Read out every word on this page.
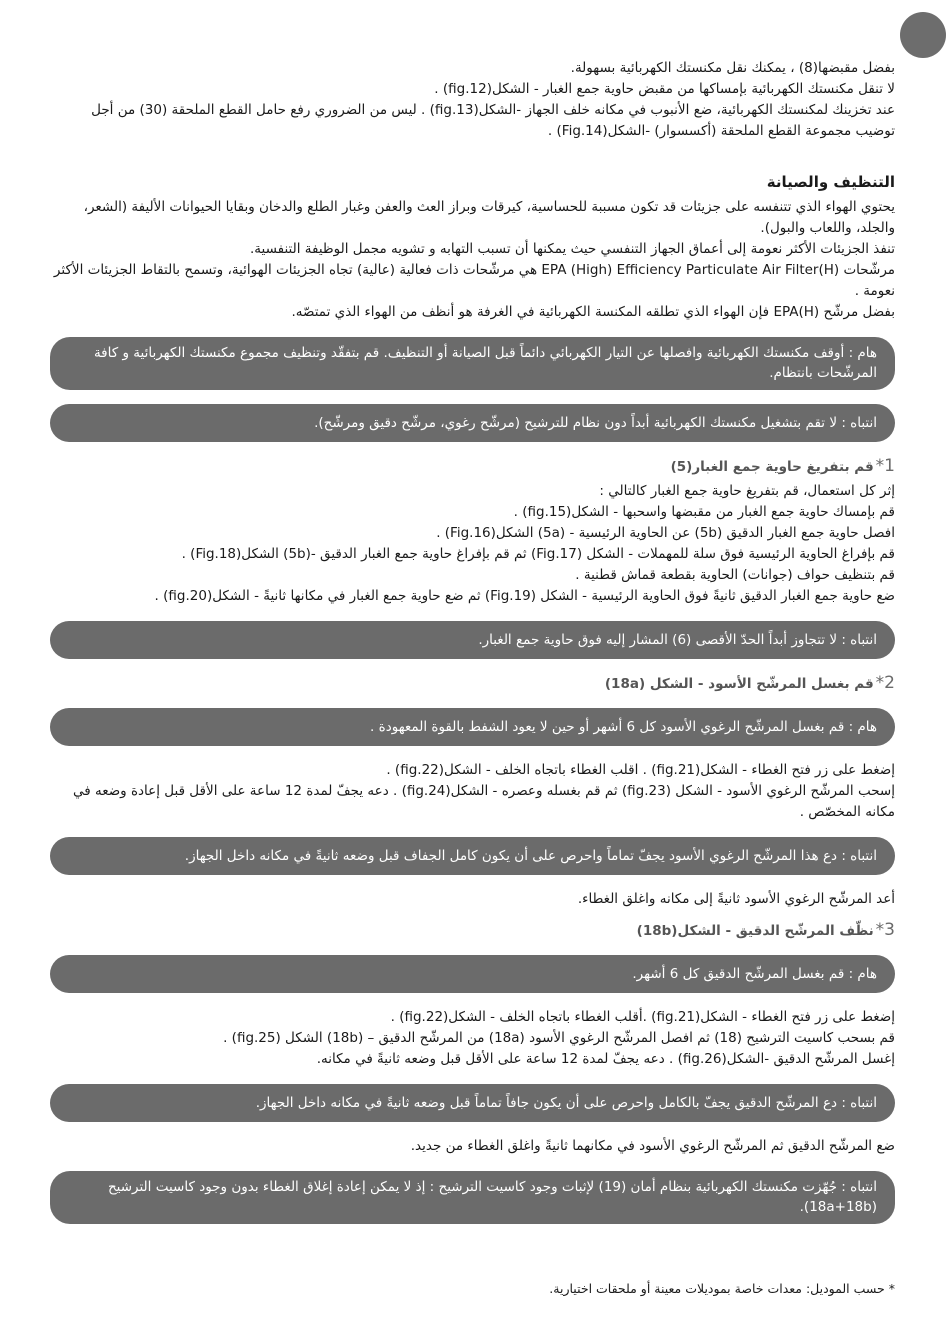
بفضل مقبضها(8) ، يمكنك نقل مكنستك الكهربائية بسهولة.

لا تنقل مكنستك الكهربائية بإمساكها من مقبض حاوية جمع الغبار - الشكل(fig.12) .

عند تخزينك لمكنستك الكهربائية، ضع الأنبوب في مكانه خلف الجهاز -الشكل(fig.13) . ليس من الضروري رفع حامل القطع الملحقة (30) من أجل توضيب مجموعة القطع الملحقة (أكسسوار) -الشكل(Fig.14) .

التنظيف والصيانة

يحتوي الهواء الذي تتنفسه على جزيئات قد تكون مسببة للحساسية، كيرقات وبراز العث والعفن وغبار الطلع والدخان وبقايا الحيوانات الأليفة (الشعر، والجلد، واللعاب والبول).

تنفذ الجزيئات الأكثر نعومة إلى أعماق الجهاز التنفسي حيث يمكنها أن تسبب التهابه و تشويه مجمل الوظيفة التنفسية.

مرشّحات (H)EPA (High) Efficiency Particulate Air Filter هي مرشّحات ذات فعالية (عالية) تجاه الجزيئات الهوائية، وتسمح بالتقاط الجزيئات الأكثر نعومة .

بفضل مرشّح (H)EPA فإن الهواء الذي تطلقه المكنسة الكهربائية في الغرفة هو أنظف من الهواء الذي تمتصّه.

هام : أوقف مكنستك الكهربائية وافصلها عن التيار الكهربائي دائماً قبل الصيانة أو التنظيف. قم بتفقّد وتنظيف مجموع مكنستك الكهربائية و كافة المرشّحات بانتظام.
انتباه : لا تقم بتشغيل مكنستك الكهربائية أبداً دون نظام للترشيح (مرشّح رغوي، مرشّح دقيق ومرشّح).
1*قم بتفريغ حاوية جمع الغبار(5)

إثر كل استعمال، قم بتفريغ حاوية جمع الغبار كالتالي :

قم بإمساك حاوية جمع الغبار من مقبضها واسحبها - الشكل(fig.15) .

افصل حاوية جمع الغبار الدقيق (5b) عن الحاوية الرئيسية - (5a) الشكل(Fig.16) .

قم بإفراغ الحاوية الرئيسية فوق سلة للمهملات - الشكل (Fig.17) ثم قم بإفراغ حاوية جمع الغبار الدقيق -(5b) الشكل(Fig.18) .

قم بتنظيف حواف (جوانات) الحاوية بقطعة قماش قطنية .

ضع حاوية جمع الغبار الدقيق ثانيةً فوق الحاوية الرئيسية - الشكل (Fig.19) ثم ضع حاوية جمع الغبار في مكانها ثانيةً - الشكل(fig.20) .

انتباه : لا تتجاوز أبداً الحدّ الأقصى (6) المشار إليه فوق حاوية جمع الغبار.
2*قم بغسل المرشّح الأسود - الشكل (18a)
هام : قم بغسل المرشّح الرغوي الأسود كل 6 أشهر أو حين لا يعود الشفط بالقوة المعهودة .

إضغط على زر فتح الغطاء - الشكل(fig.21) . اقلب الغطاء باتجاه الخلف - الشكل(fig.22) .

إسحب المرشّح الرغوي الأسود - الشكل (fig.23) ثم قم بغسله وعصره - الشكل(fig.24) . دعه يجفّ لمدة 12 ساعة على الأقل قبل إعادة وضعه في مكانه المخصّص .

انتباه : دع هذا المرشّح الرغوي الأسود يجفّ تماماً واحرص على أن يكون كامل الجفاف قبل وضعه ثانيةً في مكانه داخل الجهاز.

أعد المرشّح الرغوي الأسود ثانيةً إلى مكانه واغلق الغطاء.

3*نظّف المرشّح الدقيق - الشكل(18b)
هام : قم بغسل المرشّح الدقيق كل 6 أشهر.

إضغط على زر فتح الغطاء - الشكل(fig.21) .أقلب الغطاء باتجاه الخلف - الشكل(fig.22) .

قم بسحب كاسيت الترشيح (18) ثم افصل المرشّح الرغوي الأسود (18a) من المرشّح الدقيق – (18b) الشكل (fig.25) .

إغسل المرشّح الدقيق -الشكل(fig.26) . دعه يجفّ لمدة 12 ساعة على الأقل قبل وضعه ثانيةً في مكانه.

انتباه : دع المرشّح الدقيق يجفّ بالكامل واحرص على أن يكون جافاً تماماً قبل وضعه ثانيةً في مكانه داخل الجهاز.

ضع المرشّح الدقيق ثم المرشّح الرغوي الأسود في مكانهما ثانيةً واغلق الغطاء من جديد.

انتباه : جُهّزت مكنستك الكهربائية بنظام أمان (19) لإثبات وجود كاسيت الترشيح : إذ لا يمكن إعادة إغلاق الغطاء بدون وجود كاسيت الترشيح (18a+18b).
* حسب الموديل: معدات خاصة بموديلات معينة أو ملحقات اختيارية.
